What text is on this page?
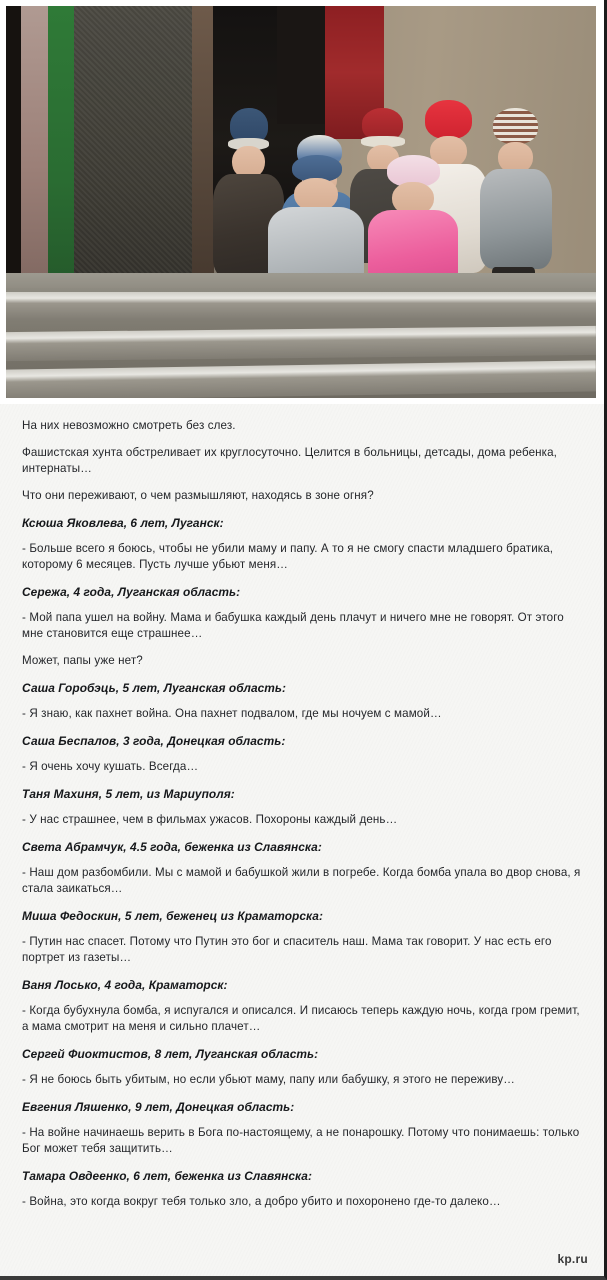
На них невозможно смотреть без слез.

Фашистская хунта обстреливает их круглосуточно. Целится в больницы, детсады, дома ребенка, интернаты…

Что они переживают, о чем размышляют, находясь в зоне огня?

Ксюша Яковлева, 6 лет, Луганск:

- Больше всего я боюсь, чтобы не убили маму и папу. А то я не смогу спасти младшего братика, которому 6 месяцев. Пусть лучше убьют меня…

Сережа, 4 года, Луганская область:

- Мой папа ушел на войну. Мама и бабушка каждый день плачут и ничего мне не говорят. От этого мне становится еще страшнее…

Может, папы уже нет?

Саша Горобэць, 5 лет, Луганская область:

- Я знаю, как пахнет война. Она пахнет подвалом, где мы ночуем с мамой…

Саша Беспалов, 3 года, Донецкая область:

- Я очень хочу кушать. Всегда…

Таня Махиня, 5 лет, из Мариуполя:

- У нас страшнее, чем в фильмах ужасов. Похороны каждый день…

Света Абрамчук, 4.5 года, беженка из Славянска:

- Наш дом разбомбили. Мы с мамой и бабушкой жили в погребе. Когда бомба упала во двор снова, я стала заикаться…

Миша Федоскин, 5 лет, беженец из Краматорска:

- Путин нас спасет. Потому что Путин это бог и спаситель наш. Мама так говорит. У нас есть его портрет из газеты…

Ваня Лосько, 4 года, Краматорск:

- Когда бубухнула бомба, я испугался и описался. И писаюсь теперь каждую ночь, когда гром гремит, а мама смотрит на меня и сильно плачет…

Сергей Фиоктистов, 8 лет, Луганская область:

- Я не боюсь быть убитым, но если убьют маму, папу или бабушку, я этого не переживу…

Евгения Ляшенко, 9 лет, Донецкая область:

- На войне начинаешь верить в Бога по-настоящему, а не понарошку. Потому что понимаешь: только Бог может тебя защитить…

Тамара Овдеенко, 6 лет, беженка из Славянска:

- Война, это когда вокруг тебя только зло, а добро убито и похоронено где-то далеко…

kp.ru
